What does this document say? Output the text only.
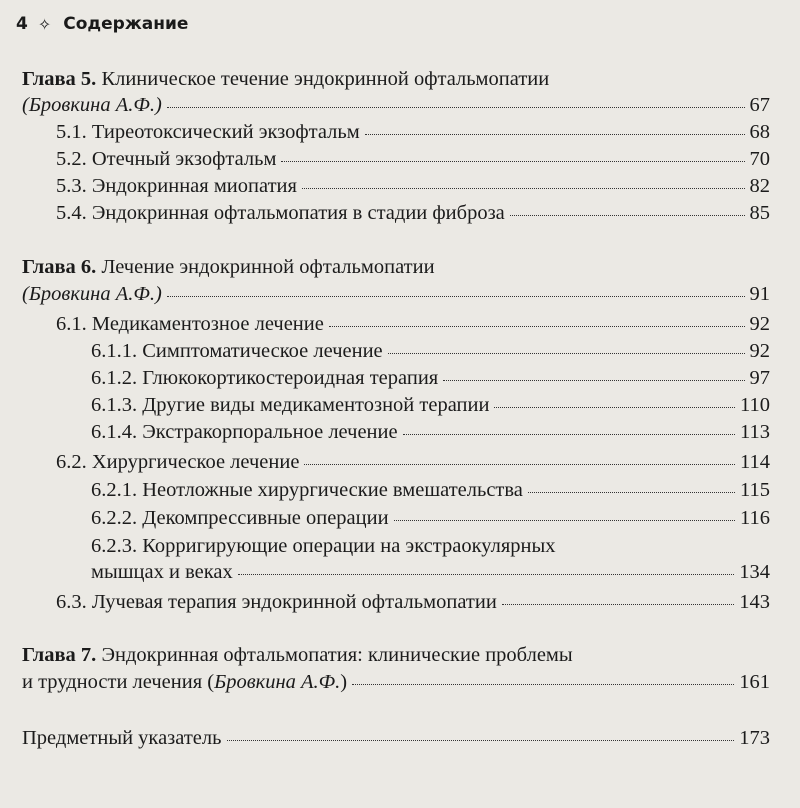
4 ✧ Содержание
Глава 5. Клиническое течение эндокринной офтальмопатии
(Бровкина А.Ф.)	67
5.1. Тиреотоксический экзофтальм	68
5.2. Отечный экзофтальм	70
5.3. Эндокринная миопатия	82
5.4. Эндокринная офтальмопатия в стадии фиброза	85
Глава 6. Лечение эндокринной офтальмопатии
(Бровкина А.Ф.)	91
6.1. Медикаментозное лечение	92
6.1.1. Симптоматическое лечение	92
6.1.2. Глюкокортикостероидная терапия	97
6.1.3. Другие виды медикаментозной терапии	110
6.1.4. Экстракорпоральное лечение	113
6.2. Хирургическое лечение	114
6.2.1. Неотложные хирургические вмешательства	115
6.2.2. Декомпрессивные операции	116
6.2.3. Корригирующие операции на экстраокулярных
мышцах и веках	134
6.3. Лучевая терапия эндокринной офтальмопатии	143
Глава 7. Эндокринная офтальмопатия: клинические проблемы
и трудности лечения (Бровкина А.Ф.)	161
Предметный указатель	173
